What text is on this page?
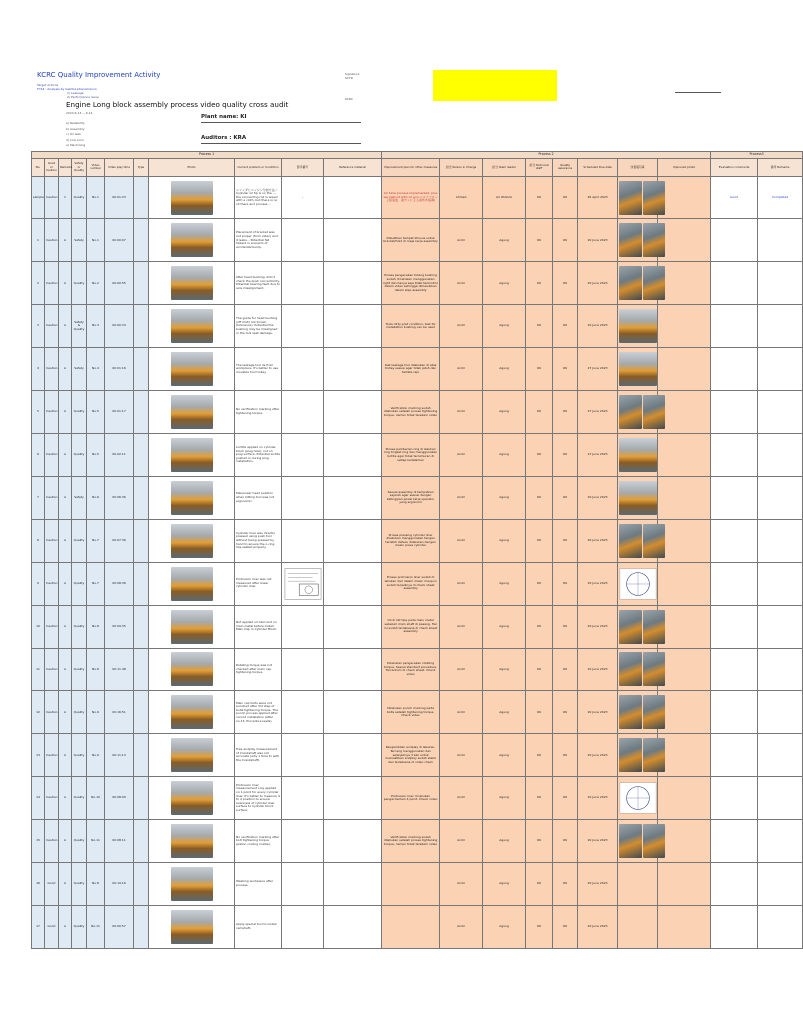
KCRC Quality Improvement Activity
Target Actions
FY24 : Analysis by Gemba phenomenon
1) Leakage
2) Performance issue
Engine Long block assembly process video quality cross audit
2023.6.13 ~ 6.14
a) Reliability
b) Assembly
c) Oil leak
d) Low error
e) Machining
Plant name: KI
Auditors : KRA
Signature
KCTR
KCRC
Process 1											Process 2								Process3	
No.	Good or Caution	Remarks	Safety or Quality	Video number	Video play time	Type	Photo	Current problem or Condition	影序番号	Reference material	Improvement plan for other measures	担当 Person in Charge	担当 Team leader	担当 Technical staff	Quality assurance	Scheduled Due date	改善後写真	Improved photo	Evaluation comments	備考 Remarks
sample	Caution	1	Quality	No.1	00:01:23			シリンダヒエンジン分析方法 / Cylinder oil tip is on the ..., the connecting rod is wiped with a cloth, but there is no oil there and process ...	-		Air blow process implemented, plus we instruct with oil gun / (エアブロー工程追加、油ガンによる塗布を指導)	Ahmed	Ari Widodo	OK	OK	26 April 2023			Good	Completed
1	Caution	A	Safety	No.1	00:00:07			Placement of bracket was not proper (from video) and it leaks... Potential fall hazard in scenario of accidental bump.			Dibuatkan tempat khusus untuk bracket/hold di meja kerja assembly	Andri	Agung	OK	OK	20 June 2023	

2	Caution	A	Quality	No.2	00:00:55			After head bushing, didn't check the bush concentricity. Potential bearing fault due to axis misalignment.			Proses pengecekan tutang bushing sudah di lakukan menggunakan light dan hanya saja tidak terkontrol dalam video sehingga dimasukkan dalam step assembly	Andri	Agung	OK	OK	20 June 2023	

3	Caution	A	Safety & Quality	No.3	00:00:34			The guide for head bushing (off limit) not known (tolerance). Potential the bushing may be misaligned in the tool seat damage.			Tools dirty post condition, test for installation bushing can be used	Andri	Agung	OK	OK	20 June 2023	

4	Caution	A	Safety	No.4	00:01:16			The leakage tool lie from workplace. It's better to use movable tool trolley.			test leakage tool dilakukan di atas trolley​ sesuai agar tidak jatuh dan tertata rapi	Andri	Agung	OK	OK	27 June 2023	

5	Caution	A	Quality	No.5	00:01:17			No verification marking after tightening torque.			Verification marking sudah dilakukan setelah proses tightening torque, namun tidak terekam video	Andri	Agung	OK	OK	27 June 2023	

6	Caution	A	Quality	No.5	00:02:11			Loctite applied on cylinder block (plug hole), not on plug surface. Potential loctite pushed in during plug installation.			Proses pemberian ring di lakukan ring tingkat ring dan menggunakan loctite agar tidak terlumuran di setiap kedalaman	Andri	Agung	OK	OK	27 June 2023	

7	Caution	A	Safety	No.6	00:06:36			Manpower head position when hitting tool was not ergonomic.			Sesuai assembly di tempatkan sejarah agar sesuai dengan ketinggian posisi kerja operator yang ergonomi	Andri	Agung	OK	OK	20 June 2023	

8	Caution	A	Quality	No.7	00:07:36			Cylinder liner was directly pressed using push tool without being pressed by hand to ensure the o-ring has seated properly.			Proses pressing cylinder liner dilakukan menggunakan tangan terlebih dahulu dilakukan dengan mesin press cylinder	Andri	Agung	OK	OK	20 June 2023	

9	Caution	A	Quality	No.7	00:08:36			Protrusion liner was not measured after linear cylinder liner.			Proses protrusion liner sudah di lakukan dari dalam mesin maupun sudah terjadinya di check sheet assembly	Andri	Agung	OK	OK	20 June 2023	

10	Caution	A	Quality	No.8	00:09:35			Not applied oil lubricant on main metal before install Main Cap in Cylinder Block.			Oil di list tipe pada main metal sebelum main shaft di pasang. Hal ini sudah terlaksana di check sheet assembly	Andri	Agung	OK	OK	20 June 2023	

11	Caution	A	Quality	No.8	00:11:48			Rotating torque was not checked after main cap tightening torque.			Dilakukan pengecekan rotating torque. Sesuai standard procedure. Tercantum di check sheet. Check video	Andri	Agung	OK	OK	20 June 2023	

12	Caution	A	Quality	No.9	00:16:51			Main cap bolts were not punched after 3rd step of bolts tightening torque. The punch process applied after conrod installation (after no.13, Procedure leads).			Dilakukan punch marking pada bolts setelah tightening torque. Check video	Andri	Agung	OK	OK	20 June 2023	

13	Caution	A	Quality	No.9	00:11:13			Free endplay measurement of Crankshaft was not accurate (why 1 time to with the Crankshaft).			Pengambilan endplay di lakukan. Tercang menggunakan dan selanjutnya 3 kali untuk memastikan endplay sudah stabil dan terlaksana di video check	Andri	Agung	OK	OK	20 June 2023	

14	Caution	A	Quality	No.10	00:08:09			Protrusion liner measurement only applied on 1 point for every cylinder liner. It's better to measure 4 to 4 position to ensure evenness of cylinder liner surface to Cylinder block surface.			Protrusion liner di lakukan pengecheckan 4 point. Check video	Andri	Agung	OK	OK	20 June 2023	

15	Caution	A	Quality	No.11	00:08:11			No verification marking after bolt tightening torque (piston cooling nozzle).			Verification marking sudah dilakukan setelah proses tightening torque, namun tidak terekam video	Andri	Agung	OK	OK	20 June 2023	

16	Good	A	Quality	No.8	00:19:16			Washing workpiece after process.				Andri	Agung	OK	OK	20 June 2023				
17	Good	A	Quality	No.11	00:00:57			Apply special tool to install camshaft.				Andri	Agung	OK	OK	20 June 2023				
